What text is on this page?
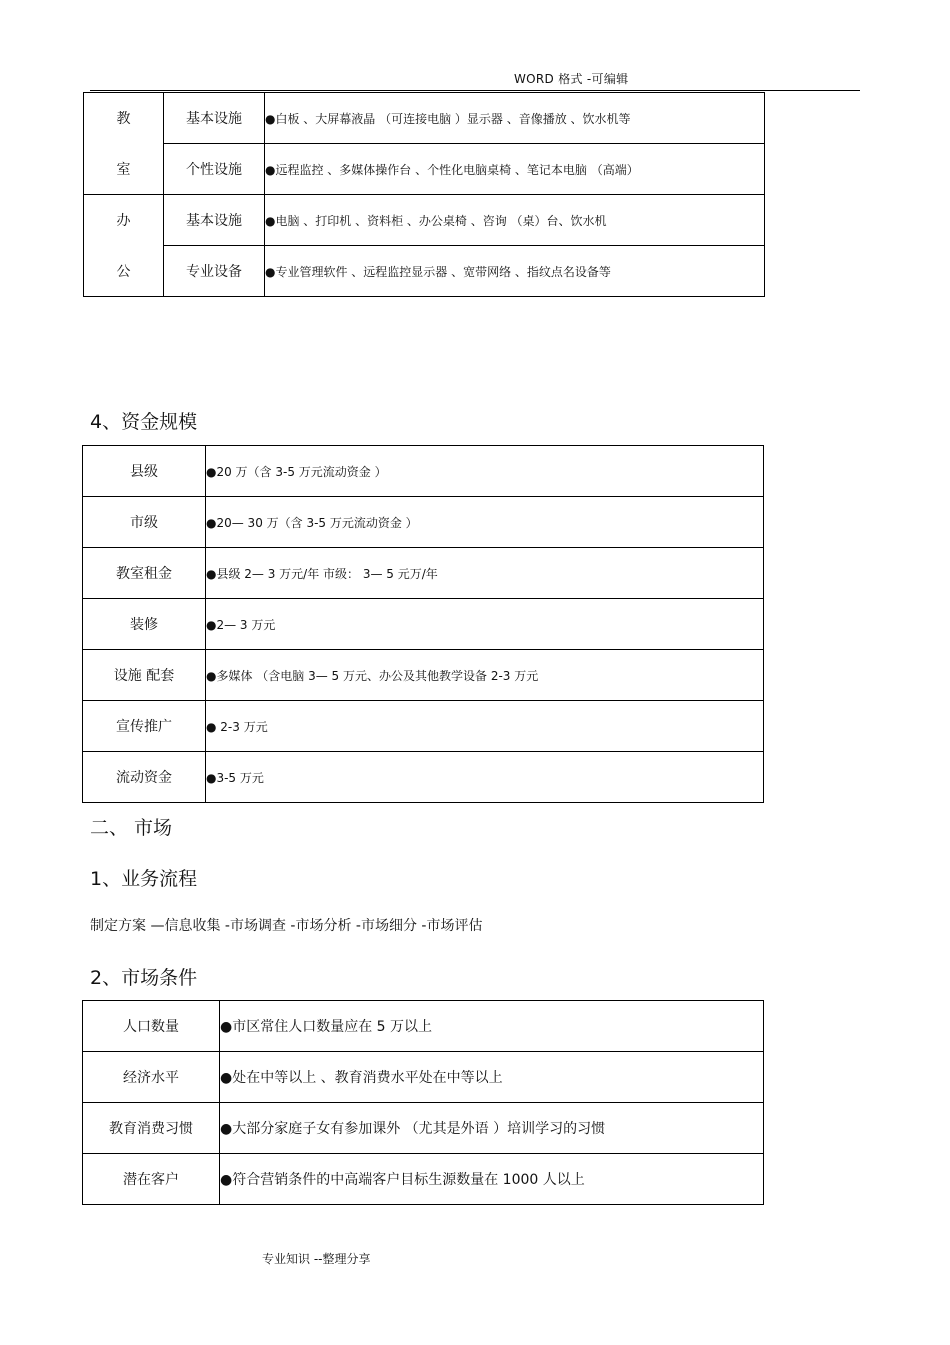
WORD 格式 -可编辑
教	基本设施	●白板 、大屏幕液晶 （可连接电脑 ）显示器 、音像播放 、饮水机等
室	个性设施	●远程监控 、多媒体操作台 、个性化电脑桌椅 、笔记本电脑 （高端）
办	基本设施	●电脑 、打印机 、资料柜 、办公桌椅 、咨询 （桌）台、饮水机
公	专业设备	●专业管理软件 、远程监控显示器 、宽带网络 、指纹点名设备等
4、资金规模
县级	●20 万（含 3-5 万元流动资金 ）
市级	●20— 30 万（含 3-5 万元流动资金 ）
教室租金	●县级 2— 3 万元/年 市级： 3— 5 元万/年
装修	●2— 3 万元
设施 配套	●多媒体 （含电脑 3— 5 万元、办公及其他教学设备 2-3 万元
宣传推广	● 2-3 万元
流动资金	●3-5 万元
二、 市场
1、业务流程
制定方案 —信息收集 -市场调查 -市场分析 -市场细分 -市场评估
2、市场条件
人口数量	●市区常住人口数量应在 5 万以上
经济水平	●处在中等以上 、教育消费水平处在中等以上
教育消费习惯	●大部分家庭子女有参加课外 （尤其是外语 ）培训学习的习惯
潜在客户	●符合营销条件的中高端客户目标生源数量在 1000 人以上
专业知识 --整理分享
